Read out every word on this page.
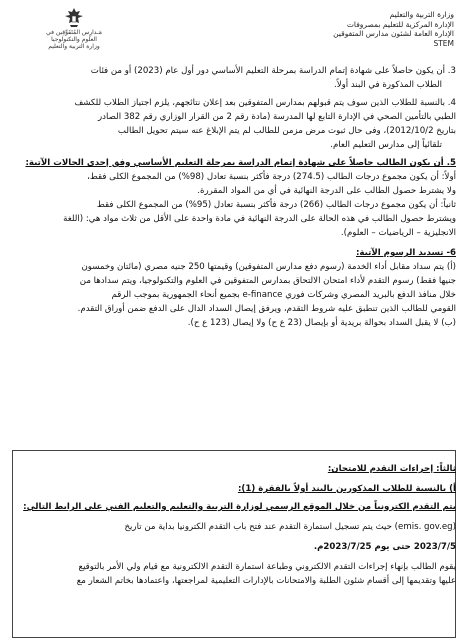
مَـدارِس المُتَفَوِّقِين في العلوم والتكنولوجيا
وزارة التربية والتعليم
وزارة التربية والتعليم
الإدارة المركزية للتعليم بمصروفات
الإدارة العامة لشئون مدارس المتفوقين STEM
3. أن يكون حاصلاً على شهادة إتمام الدراسة بمرحلة التعليم الأساسي دور أول عام (2023) أو من فئات
الطلاب المذكورة في البند أولاً.
4. بالنسبة للطلاب الذين سوف يتم قبولهم بمدارس المتفوقين بعد إعلان نتائجهم، يلزم اجتياز الطلاب للكشف
الطبي بالتأمين الصحي في الإدارة التابع لها المدرسة (مادة رقم 2 من القرار الوزاري رقم 382 الصادر
بتاريخ 2012/10/2)، وفى حال ثبوت مرض مزمن للطالب لم يتم الإبلاغ عنه سيتم تحويل الطالب
تلقائياً إلى مدارس التعليم العام.
5. أن يكون الطالب حاصلاً على شهادة إتمام الدراسة بمرحلة التعليم الأساسي وفق إحدى الحالات الآتية:
أولاً: أن يكون مجموع درجات الطالب (274.5) درجة فأكثر بنسبة تعادل (98%) من المجموع الكلى فقط،
ولا يشترط حصول الطالب على الدرجة النهائية في أي من المواد المقررة.
ثانياً: أن يكون مجموع درجات الطالب (266) درجة فأكثر بنسبة تعادل (95%) من المجموع الكلى فقط
ويشترط حصول الطالب في هذه الحالة على الدرجة النهائية في مادة واحدة على الأقل من ثلاث مواد هي: (اللغة
الانجليزية – الرياضيات – العلوم).
6- تسديد الرسوم الآتية:
(أ) يتم سداد مقابل أداء الخدمة (رسوم دفع مدارس المتفوقين) وقيمتها 250 جنيه مصري (مائتان وخمسون
جنيها فقط) رسوم التقدم لأداء امتحان الالتحاق بمدارس المتفوقين في العلوم والتكنولوجيا، ويتم سدادها من
خلال منافذ الدفع بالبريد المصري وشركات فوري e-finance بجميع أنحاء الجمهورية بموجب الرقم
القومي للطالب الذين تنطبق عليه شروط التقدم، ويرفق إيصال السداد الدال على الدفع ضمن أوراق التقدم.
(ب) لا يقبل السداد بحوالة بريدية أو بإيصال (23 ع ح) ولا إيصال (123 ع ح).
ثالثاً: إجراءات التقدم للامتحان:
أ) بالنسبة للطلاب المذكورين بالبند أولاً بالفقرة (1):
يتم التقدم الكترونياً من خلال الموقع الرسمي لوزارة التربية والتعليم والتعليم الفني على الرابط التالي:
(emis. gov.eg) حيث يتم تسجيل استمارة التقدم عند فتح باب التقدم الكترونيا بداية من تاريخ
2023/7/5 حتى يوم 2023/7/25م.
يقوم الطالب بإنهاء إجراءات التقدم الالكتروني وطباعة استمارة التقدم الالكترونية مع قيام ولي الأمر بالتوقيع
عليها وتقديمها إلى أقسام شئون الطلبة والامتحانات بالإدارات التعليمية لمراجعتها، واعتمادها بخاتم الشعار مع
